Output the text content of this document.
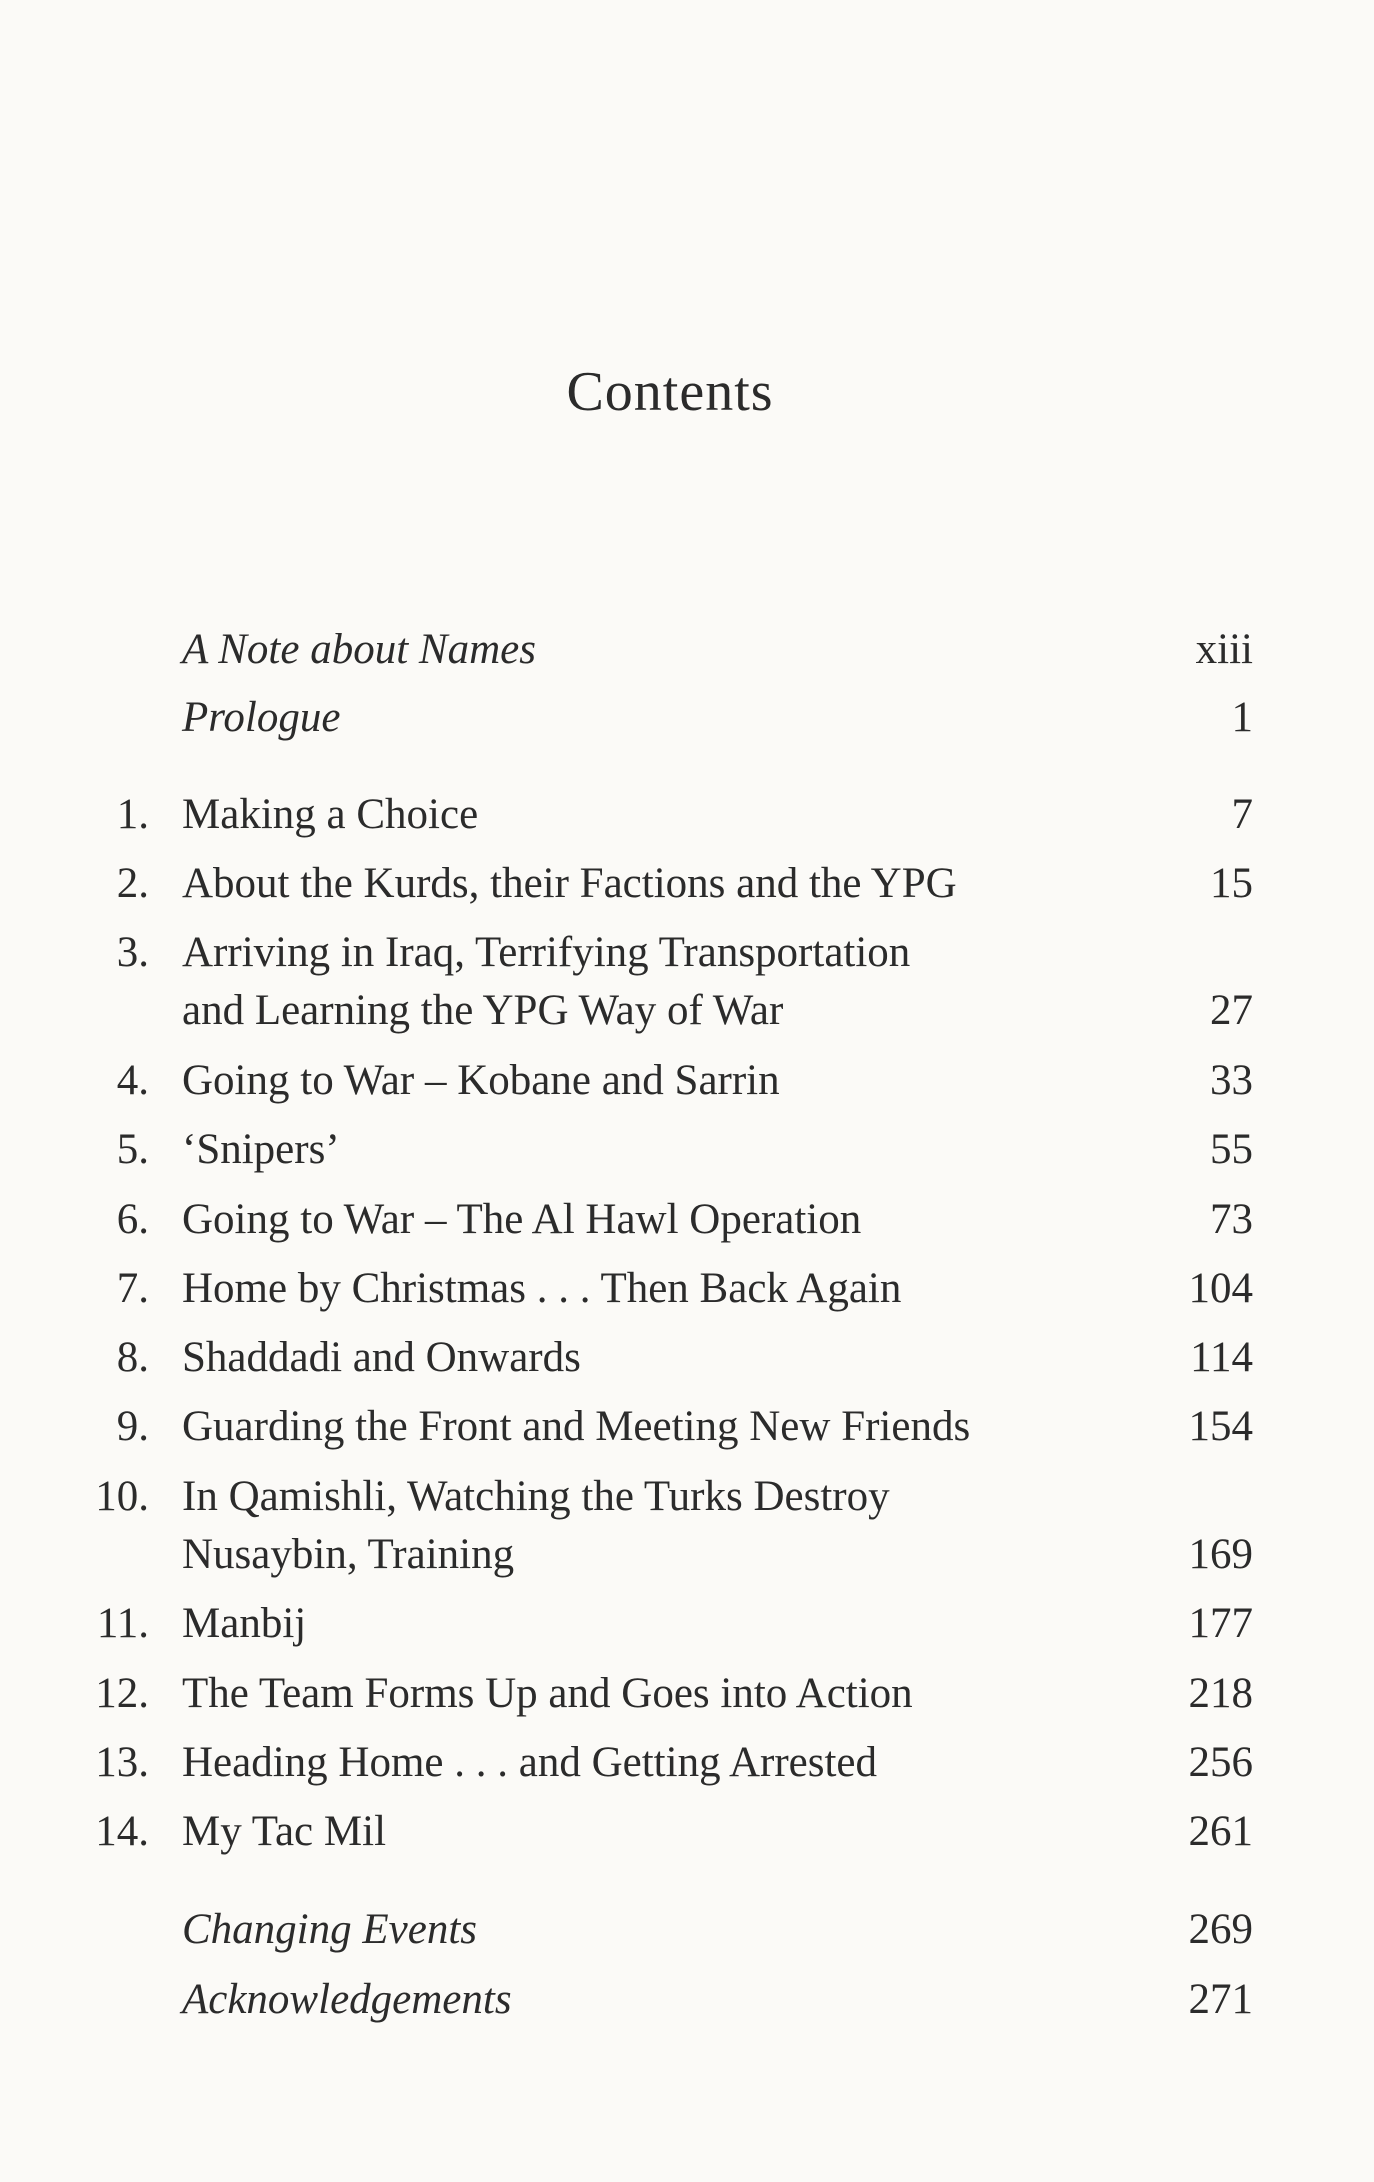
Contents
A Note about Names	xiii
Prologue	1
1. Making a Choice	7
2. About the Kurds, their Factions and the YPG	15
3. Arriving in Iraq, Terrifying Transportation
and Learning the YPG Way of War	27
4. Going to War – Kobane and Sarrin	33
5. ‘Snipers’	55
6. Going to War – The Al Hawl Operation	73
7. Home by Christmas . . . Then Back Again	104
8. Shaddadi and Onwards	114
9. Guarding the Front and Meeting New Friends	154
10. In Qamishli, Watching the Turks Destroy
Nusaybin, Training	169
11. Manbij	177
12. The Team Forms Up and Goes into Action	218
13. Heading Home . . . and Getting Arrested	256
14. My Tac Mil	261
Changing Events	269
Acknowledgements	271
